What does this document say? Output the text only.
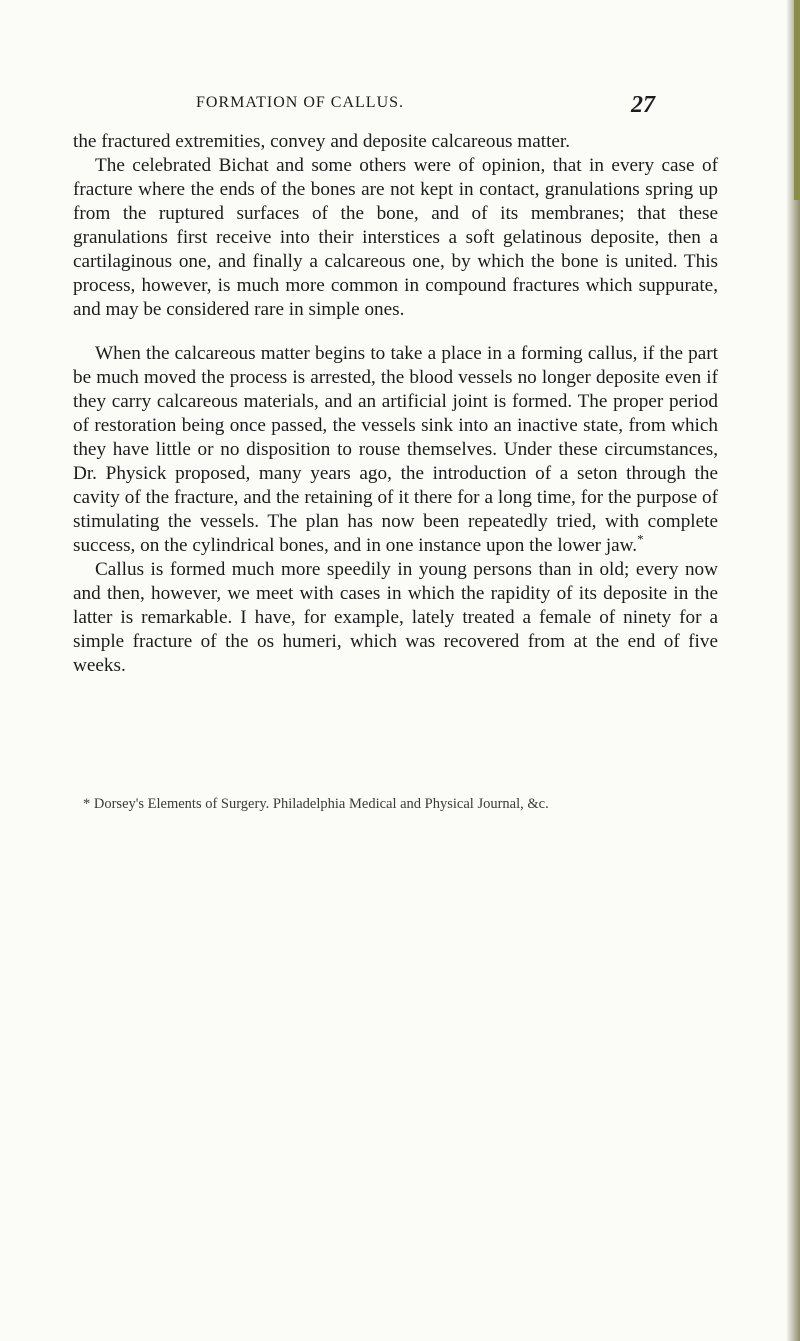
FORMATION OF CALLUS.	27

the fractured extremities, convey and deposite calcareous matter.

The celebrated Bichat and some others were of opinion, that in every case of fracture where the ends of the bones are not kept in contact, granulations spring up from the ruptured surfaces of the bone, and of its membranes; that these granulations first receive into their interstices a soft gelatinous deposite, then a cartilaginous one, and finally a calcareous one, by which the bone is united. This process, however, is much more common in compound fractures which suppurate, and may be considered rare in simple ones.

When the calcareous matter begins to take a place in a forming callus, if the part be much moved the process is arrested, the blood vessels no longer deposite even if they carry calcareous materials, and an artificial joint is formed. The proper period of restoration being once passed, the vessels sink into an inactive state, from which they have little or no disposition to rouse themselves. Under these circumstances, Dr. Physick proposed, many years ago, the introduction of a seton through the cavity of the fracture, and the retaining of it there for a long time, for the purpose of stimulating the vessels. The plan has now been repeatedly tried, with complete success, on the cylindrical bones, and in one instance upon the lower jaw.*

Callus is formed much more speedily in young persons than in old; every now and then, however, we meet with cases in which the rapidity of its deposite in the latter is remarkable. I have, for example, lately treated a female of ninety for a simple fracture of the os humeri, which was recovered from at the end of five weeks.

* Dorsey's Elements of Surgery. Philadelphia Medical and Physical Journal, &c.
